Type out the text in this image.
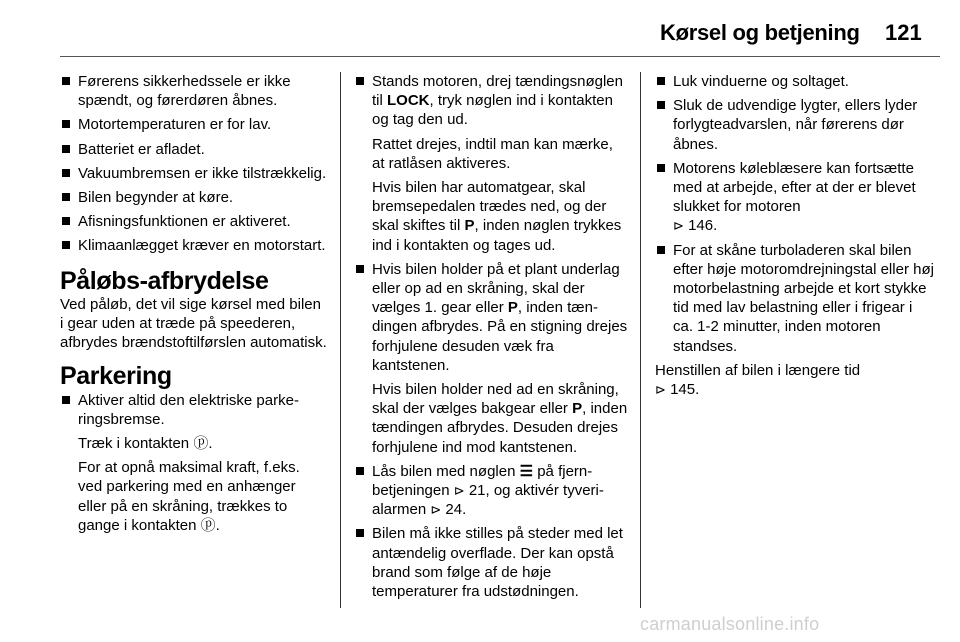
Kørsel og betjening 121
Førerens sikkerhedssele er ikke spændt, og førerdøren åbnes.
Motortemperaturen er for lav.
Batteriet er afladet.
Vakuumbremsen er ikke tilstrækkelig.
Bilen begynder at køre.
Afisningsfunktionen er aktiveret.
Klimaanlægget kræver en motorstart.
Påløbs-afbrydelse
Ved påløb, det vil sige kørsel med bilen i gear uden at træde på speederen, afbrydes brændstoftilførslen automatisk.
Parkering
Aktiver altid den elektriske parkeringsbremse.
Træk i kontakten ⓟ.
For at opnå maksimal kraft, f.eks. ved parkering med en anhænger eller på en skråning, trækkes to gange i kontakten ⓟ.
Stands motoren, drej tændingsnøglen til LOCK, tryk nøglen ind i kontakten og tag den ud.
Rattet drejes, indtil man kan mærke, at ratlåsen aktiveres.
Hvis bilen har automatgear, skal bremsepedalen trædes ned, og der skal skiftes til P, inden nøglen trykkes ind i kontakten og tages ud.
Hvis bilen holder på et plant underlag eller op ad en skråning, skal der vælges 1. gear eller P, inden tændingen afbrydes. På en stigning drejes forhjulene desuden væk fra kantstenen.
Hvis bilen holder ned ad en skråning, skal der vælges bakgear eller P, inden tændingen afbrydes. Desuden drejes forhjulene ind mod kantstenen.
Lås bilen med nøglen ☰ på fjernbetjeningen ⊳ 21, og aktivér tyverialarmen ⊳ 24.
Bilen må ikke stilles på steder med let antændelig overflade. Der kan opstå brand som følge af de høje temperaturer fra udstødningen.
Luk vinduerne og soltaget.
Sluk de udvendige lygter, ellers lyder forlygteadvarslen, når førerens dør åbnes.
Motorens køleblæsere kan fortsætte med at arbejde, efter at der er blevet slukket for motoren
⊳ 146.
For at skåne turboladeren skal bilen efter høje motoromdrejningstal eller høj motorbelastning arbejde et kort stykke tid med lav belastning eller i frigear i ca. 1-2 minutter, inden motoren standses.
Henstillen af bilen i længere tid
⊳ 145.
carmanualsonline.info
